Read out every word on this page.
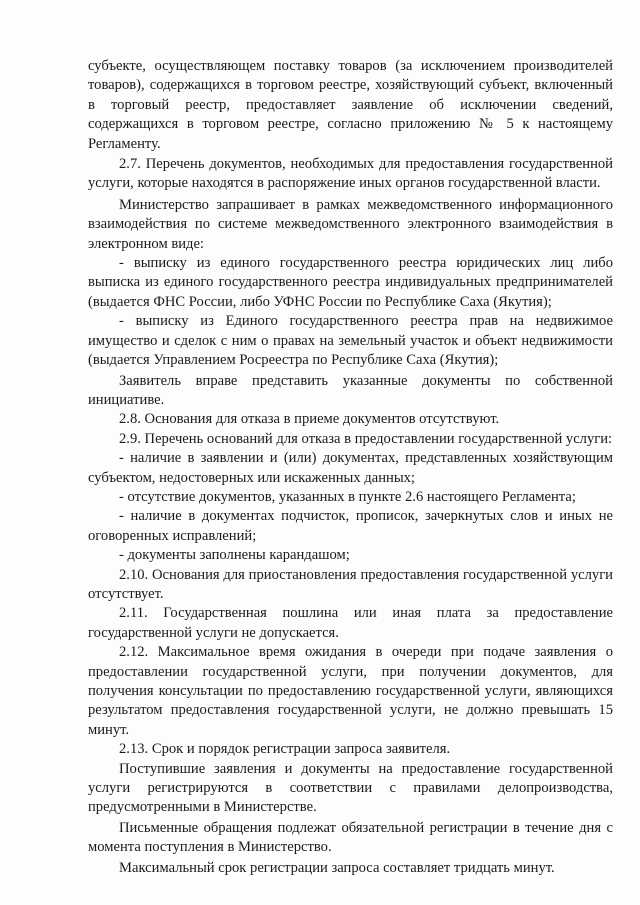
субъекте, осуществляющем поставку товаров (за исключением производителей товаров), содержащихся в торговом реестре, хозяйствующий субъект, включенный в торговый реестр, предоставляет заявление об исключении сведений, содержащихся в торговом реестре, согласно приложению № 5 к настоящему Регламенту.

2.7. Перечень документов, необходимых для предоставления государственной услуги, которые находятся в распоряжение иных органов государственной власти.

Министерство запрашивает в рамках межведомственного информационного взаимодействия по системе межведомственного электронного взаимодействия в электронном виде:

- выписку из единого государственного реестра юридических лиц либо выписка из единого государственного реестра индивидуальных предпринимателей (выдается ФНС России, либо УФНС России по Республике Саха (Якутия);

- выписку из Единого государственного реестра прав на недвижимое имущество и сделок с ним о правах на земельный участок и объект недвижимости (выдается Управлением Росреестра по Республике Саха (Якутия);

Заявитель вправе представить указанные документы по собственной инициативе.

2.8. Основания для отказа в приеме документов отсутствуют.

2.9. Перечень оснований для отказа в предоставлении государственной услуги:

- наличие в заявлении и (или) документах, представленных хозяйствующим субъектом, недостоверных или искаженных данных;

- отсутствие документов, указанных в пункте 2.6 настоящего Регламента;

- наличие в документах подчисток, прописок, зачеркнутых слов и иных не оговоренных исправлений;

- документы заполнены карандашом;

2.10. Основания для приостановления предоставления государственной услуги отсутствует.

2.11. Государственная пошлина или иная плата за предоставление государственной услуги не допускается.

2.12. Максимальное время ожидания в очереди при подаче заявления о предоставлении государственной услуги, при получении документов, для получения консультации по предоставлению государственной услуги, являющихся результатом предоставления государственной услуги, не должно превышать 15 минут.

2.13. Срок и порядок регистрации запроса заявителя.

Поступившие заявления и документы на предоставление государственной услуги регистрируются в соответствии с правилами делопроизводства, предусмотренными в Министерстве.

Письменные обращения подлежат обязательной регистрации в течение дня с момента поступления в Министерство.

Максимальный срок регистрации запроса составляет тридцать минут.
